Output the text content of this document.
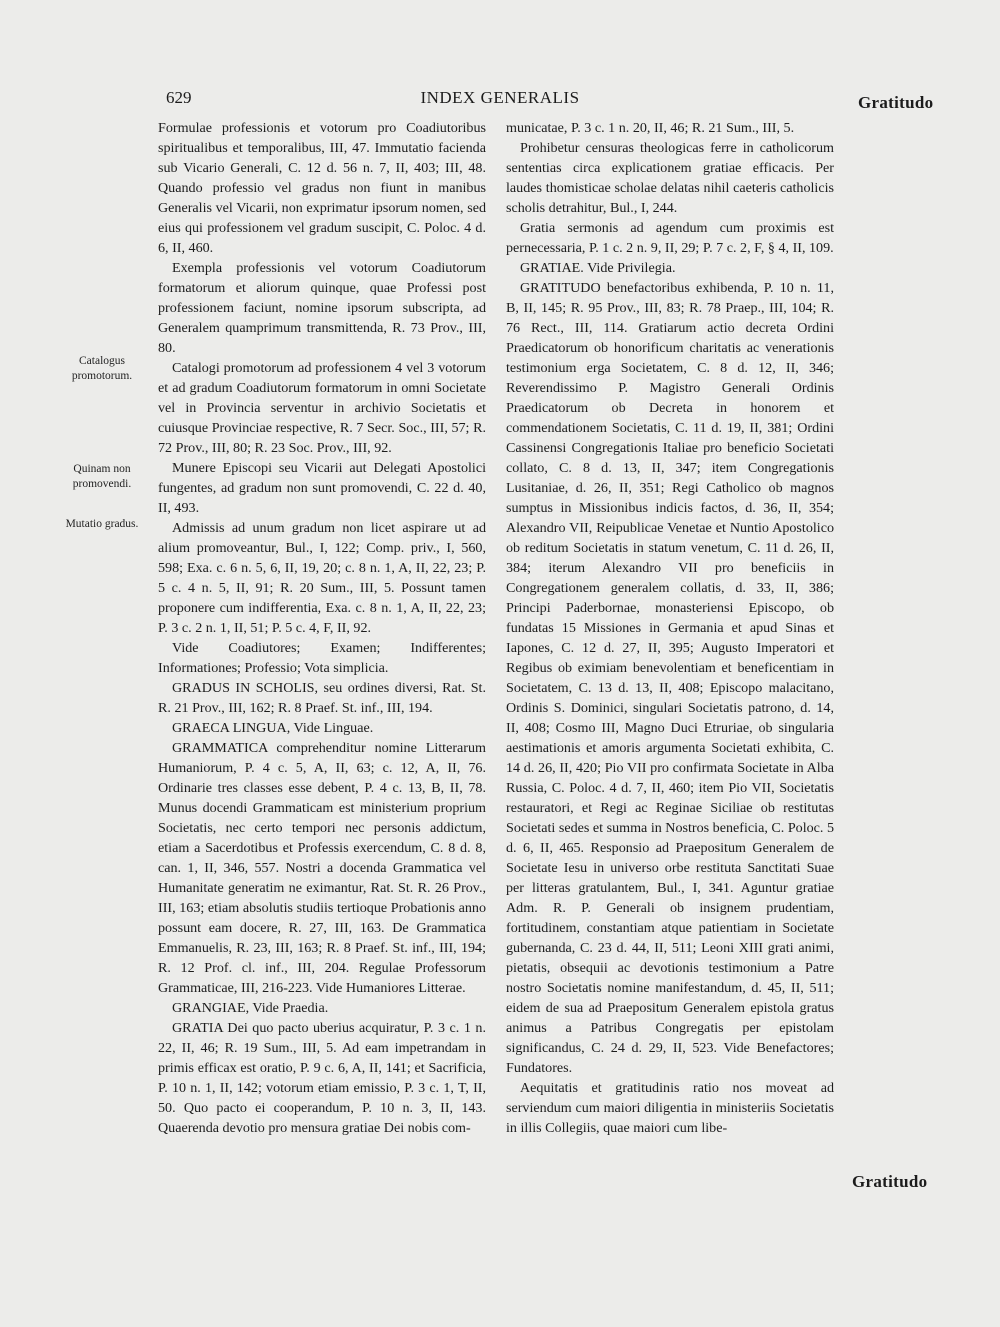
629	INDEX GENERALIS	Gratitudo
Catalogus promotorum.
Quinam non promovendi.
Mutatio gradus.

Formulae professionis et votorum pro Coadiutoribus spiritualibus et temporalibus, III, 47. Immutatio facienda sub Vicario Generali, C. 12 d. 56 n. 7, II, 403; III, 48. Quando professio vel gradus non fiunt in manibus Generalis vel Vicarii, non exprimatur ipsorum nomen, sed eius qui professionem vel gradum suscipit, C. Poloc. 4 d. 6, II, 460.

Exempla professionis vel votorum Coadiutorum formatorum et aliorum quinque, quae Professi post professionem faciunt, nomine ipsorum subscripta, ad Generalem quamprimum transmittenda, R. 73 Prov., III, 80.

Catalogi promotorum ad professionem 4 vel 3 votorum et ad gradum Coadiutorum formatorum in omni Societate vel in Provincia serventur in archivio Societatis et cuiusque Provinciae respective, R. 7 Secr. Soc., III, 57; R. 72 Prov., III, 80; R. 23 Soc. Prov., III, 92.

Munere Episcopi seu Vicarii aut Delegati Apostolici fungentes, ad gradum non sunt promovendi, C. 22 d. 40, II, 493.

Admissis ad unum gradum non licet aspirare ut ad alium promoveantur, Bul., I, 122; Comp. priv., I, 560, 598; Exa. c. 6 n. 5, 6, II, 19, 20; c. 8 n. 1, A, II, 22, 23; P. 5 c. 4 n. 5, II, 91; R. 20 Sum., III, 5. Possunt tamen proponere cum indifferentia, Exa. c. 8 n. 1, A, II, 22, 23; P. 3 c. 2 n. 1, II, 51; P. 5 c. 4, F, II, 92.

Vide Coadiutores; Examen; Indifferentes; Informationes; Professio; Vota simplicia.

GRADUS IN SCHOLIS, seu ordines diversi, Rat. St. R. 21 Prov., III, 162; R. 8 Praef. St. inf., III, 194.

GRAECA LINGUA, Vide Linguae.

GRAMMATICA comprehenditur nomine Litterarum Humaniorum, P. 4 c. 5, A, II, 63; c. 12, A, II, 76. Ordinarie tres classes esse debent, P. 4 c. 13, B, II, 78. Munus docendi Grammaticam est ministerium proprium Societatis, nec certo tempori nec personis addictum, etiam a Sacerdotibus et Professis exercendum, C. 8 d. 8, can. 1, II, 346, 557. Nostri a docenda Grammatica vel Humanitate generatim ne eximantur, Rat. St. R. 26 Prov., III, 163; etiam absolutis studiis tertioque Probationis anno possunt eam docere, R. 27, III, 163. De Grammatica Emmanuelis, R. 23, III, 163; R. 8 Praef. St. inf., III, 194; R. 12 Prof. cl. inf., III, 204. Regulae Professorum Grammaticae, III, 216-223. Vide Humaniores Litterae.

GRANGIAE, Vide Praedia.

GRATIA Dei quo pacto uberius acquiratur, P. 3 c. 1 n. 22, II, 46; R. 19 Sum., III, 5. Ad eam impetrandam in primis efficax est oratio, P. 9 c. 6, A, II, 141; et Sacrificia, P. 10 n. 1, II, 142; votorum etiam emissio, P. 3 c. 1, T, II, 50. Quo pacto ei cooperandum, P. 10 n. 3, II, 143. Quaerenda devotio pro mensura gratiae Dei nobis com-

municatae, P. 3 c. 1 n. 20, II, 46; R. 21 Sum., III, 5.

Prohibetur censuras theologicas ferre in catholicorum sententias circa explicationem gratiae efficacis. Per laudes thomisticae scholae delatas nihil caeteris catholicis scholis detrahitur, Bul., I, 244.

Gratia sermonis ad agendum cum proximis est pernecessaria, P. 1 c. 2 n. 9, II, 29; P. 7 c. 2, F, § 4, II, 109.

GRATIAE. Vide Privilegia.

GRATITUDO benefactoribus exhibenda, P. 10 n. 11, B, II, 145; R. 95 Prov., III, 83; R. 78 Praep., III, 104; R. 76 Rect., III, 114. Gratiarum actio decreta Ordini Praedicatorum ob honorificum charitatis ac venerationis testimonium erga Societatem, C. 8 d. 12, II, 346; Reverendissimo P. Magistro Generali Ordinis Praedicatorum ob Decreta in honorem et commendationem Societatis, C. 11 d. 19, II, 381; Ordini Cassinensi Congregationis Italiae pro beneficio Societati collato, C. 8 d. 13, II, 347; item Congregationis Lusitaniae, d. 26, II, 351; Regi Catholico ob magnos sumptus in Missionibus indicis factos, d. 36, II, 354; Alexandro VII, Reipublicae Venetae et Nuntio Apostolico ob reditum Societatis in statum venetum, C. 11 d. 26, II, 384; iterum Alexandro VII pro beneficiis in Congregationem generalem collatis, d. 33, II, 386; Principi Paderbornae, monasteriensi Episcopo, ob fundatas 15 Missiones in Germania et apud Sinas et Iapones, C. 12 d. 27, II, 395; Augusto Imperatori et Regibus ob eximiam benevolentiam et beneficentiam in Societatem, C. 13 d. 13, II, 408; Episcopo malacitano, Ordinis S. Dominici, singulari Societatis patrono, d. 14, II, 408; Cosmo III, Magno Duci Etruriae, ob singularia aestimationis et amoris argumenta Societati exhibita, C. 14 d. 26, II, 420; Pio VII pro confirmata Societate in Alba Russia, C. Poloc. 4 d. 7, II, 460; item Pio VII, Societatis restauratori, et Regi ac Reginae Siciliae ob restitutas Societati sedes et summa in Nostros beneficia, C. Poloc. 5 d. 6, II, 465. Responsio ad Praepositum Generalem de Societate Iesu in universo orbe restituta Sanctitati Suae per litteras gratulantem, Bul., I, 341. Aguntur gratiae Adm. R. P. Generali ob insignem prudentiam, fortitudinem, constantiam atque patientiam in Societate gubernanda, C. 23 d. 44, II, 511; Leoni XIII grati animi, pietatis, obsequii ac devotionis testimonium a Patre nostro Societatis nomine manifestandum, d. 45, II, 511; eidem de sua ad Praepositum Generalem epistola gratus animus a Patribus Congregatis per epistolam significandus, C. 24 d. 29, II, 523. Vide Benefactores; Fundatores.

Aequitatis et gratitudinis ratio nos moveat ad serviendum cum maiori diligentia in ministeriis Societatis in illis Collegiis, quae maiori cum libe-

Gratitudo
